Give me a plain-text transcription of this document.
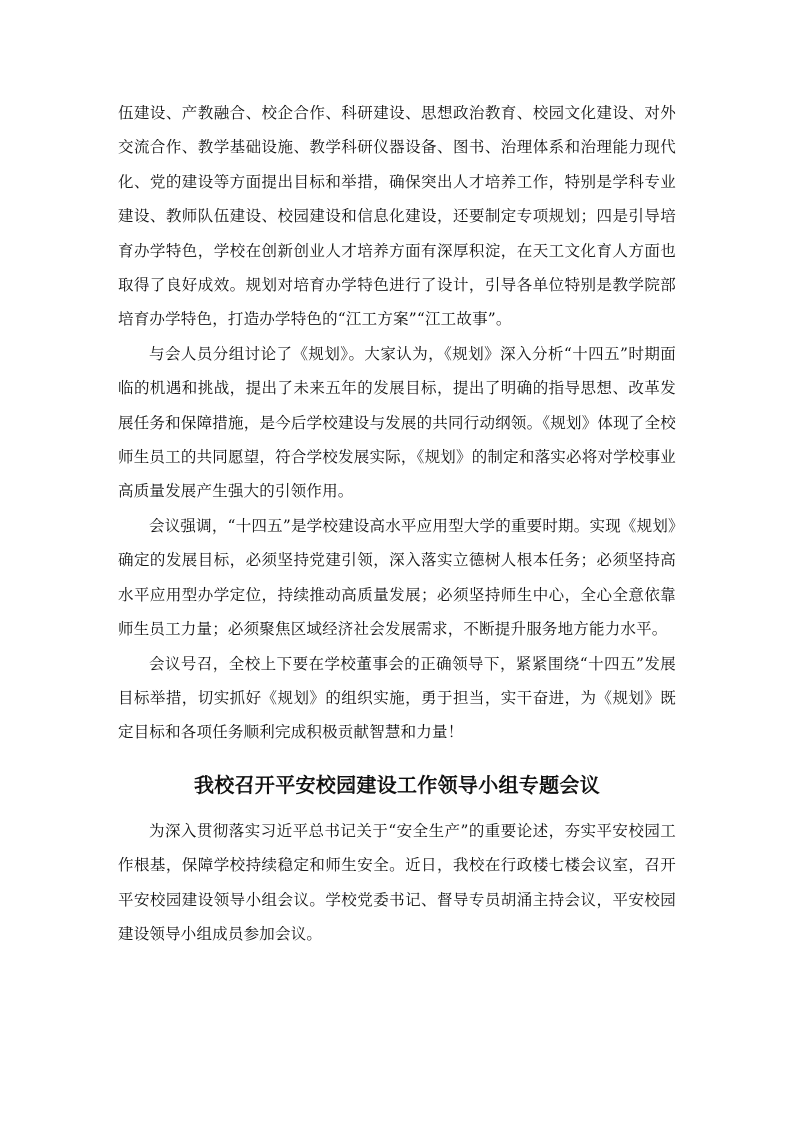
伍建设、产教融合、校企合作、科研建设、思想政治教育、校园文化建设、对外交流合作、教学基础设施、教学科研仪器设备、图书、治理体系和治理能力现代化、党的建设等方面提出目标和举措，确保突出人才培养工作，特别是学科专业建设、教师队伍建设、校园建设和信息化建设，还要制定专项规划；四是引导培育办学特色，学校在创新创业人才培养方面有深厚积淀，在天工文化育人方面也取得了良好成效。规划对培育办学特色进行了设计，引导各单位特别是教学院部培育办学特色，打造办学特色的“江工方案”“江工故事”。

与会人员分组讨论了《规划》。大家认为，《规划》深入分析“十四五”时期面临的机遇和挑战，提出了未来五年的发展目标，提出了明确的指导思想、改革发展任务和保障措施，是今后学校建设与发展的共同行动纲领。《规划》体现了全校师生员工的共同愿望，符合学校发展实际，《规划》的制定和落实必将对学校事业高质量发展产生强大的引领作用。

会议强调，“十四五”是学校建设高水平应用型大学的重要时期。实现《规划》确定的发展目标，必须坚持党建引领，深入落实立德树人根本任务；必须坚持高水平应用型办学定位，持续推动高质量发展；必须坚持师生中心，全心全意依靠师生员工力量；必须聚焦区域经济社会发展需求，不断提升服务地方能力水平。

会议号召，全校上下要在学校董事会的正确领导下，紧紧围绕“十四五”发展目标举措，切实抓好《规划》的组织实施，勇于担当，实干奋进，为《规划》既定目标和各项任务顺利完成积极贡献智慧和力量！

我校召开平安校园建设工作领导小组专题会议

为深入贯彻落实习近平总书记关于“安全生产”的重要论述，夯实平安校园工作根基，保障学校持续稳定和师生安全。近日，我校在行政楼七楼会议室，召开平安校园建设领导小组会议。学校党委书记、督导专员胡涌主持会议，平安校园建设领导小组成员参加会议。
